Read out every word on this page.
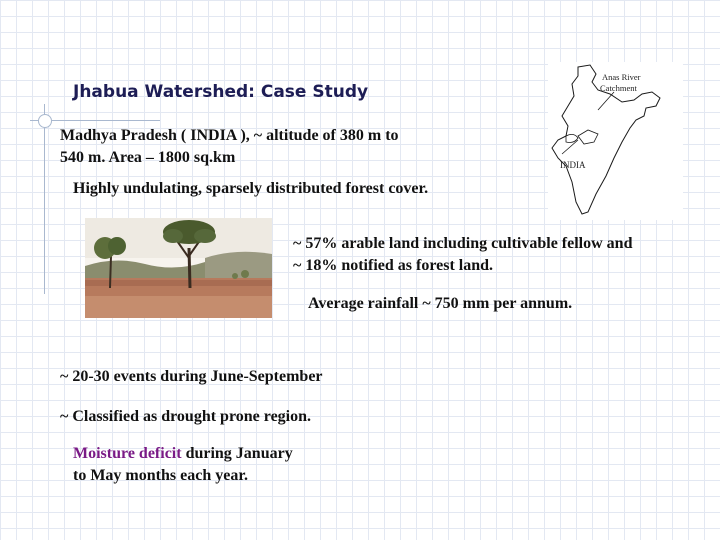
Jhabua Watershed: Case Study
Madhya Pradesh ( INDIA ), ~ altitude of 380 m to
540 m. Area – 1800 sq.km
Highly undulating, sparsely distributed forest cover.
~ 57% arable land including cultivable fellow and
~ 18% notified as forest land.
Average rainfall ~ 750 mm per annum.
~ 20-30 events during June-September
~ Classified as drought prone region.
Moisture deficit during January
to May months each year.
Anas River
Catchment
INDIA
